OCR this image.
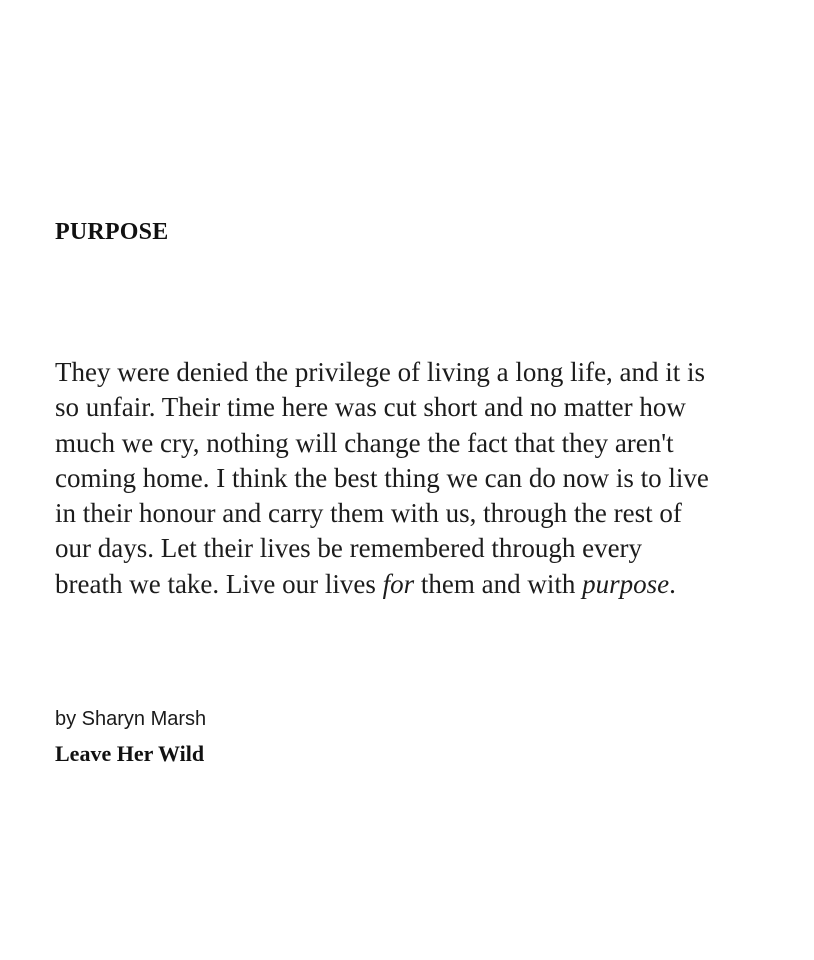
PURPOSE
They were denied the privilege of living a long life, and it is
so unfair. Their time here was cut short and no matter how
much we cry, nothing will change the fact that they aren't
coming home. I think the best thing we can do now is to live
in their honour and carry them with us, through the rest of
our days. Let their lives be remembered through every
breath we take. Live our lives for them and with purpose.

by Sharyn Marsh

Leave Her Wild
